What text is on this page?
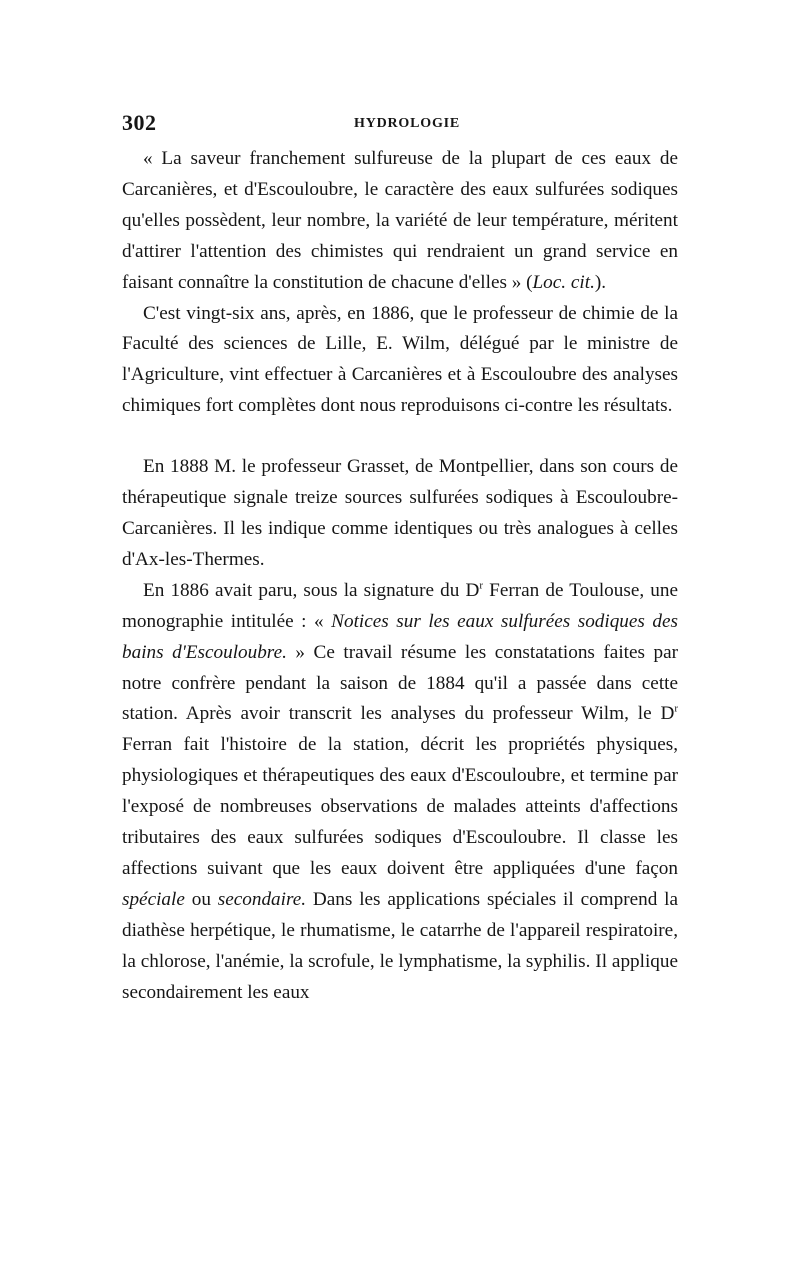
302	HYDROLOGIE

« La saveur franchement sulfureuse de la plupart de ces eaux de Carcanières, et d'Escouloubre, le caractère des eaux sulfurées sodiques qu'elles possèdent, leur nombre, la variété de leur température, méritent d'attirer l'attention des chimistes qui rendraient un grand service en faisant connaître la constitution de chacune d'elles » (Loc. cit.).

C'est vingt-six ans, après, en 1886, que le professeur de chimie de la Faculté des sciences de Lille, E. Wilm, délégué par le ministre de l'Agriculture, vint effectuer à Carcanières et à Escouloubre des analyses chimiques fort complètes dont nous reproduisons ci-contre les résultats.

En 1888 M. le professeur Grasset, de Montpellier, dans son cours de thérapeutique signale treize sources sulfurées sodiques à Escouloubre-Carcanières. Il les indique comme identiques ou très analogues à celles d'Ax-les-Thermes.

En 1886 avait paru, sous la signature du $D^r$ Ferran de Toulouse, une monographie intitulée : « Notices sur les eaux sulfurées sodiques des bains d'Escouloubre. » Ce travail résume les constatations faites par notre confrère pendant la saison de 1884 qu'il a passée dans cette station. Après avoir transcrit les analyses du professeur Wilm, le $D^r$ Ferran fait l'histoire de la station, décrit les propriétés physiques, physiologiques et thérapeutiques des eaux d'Escouloubre, et termine par l'exposé de nombreuses observations de malades atteints d'affections tributaires des eaux sulfurées sodiques d'Escouloubre. Il classe les affections suivant que les eaux doivent être appliquées d'une façon spéciale ou secondaire. Dans les applications spéciales il comprend la diathèse herpétique, le rhumatisme, le catarrhe de l'appareil respiratoire, la chlorose, l'anémie, la scrofule, le lymphatisme, la syphilis. Il applique secondairement les eaux
